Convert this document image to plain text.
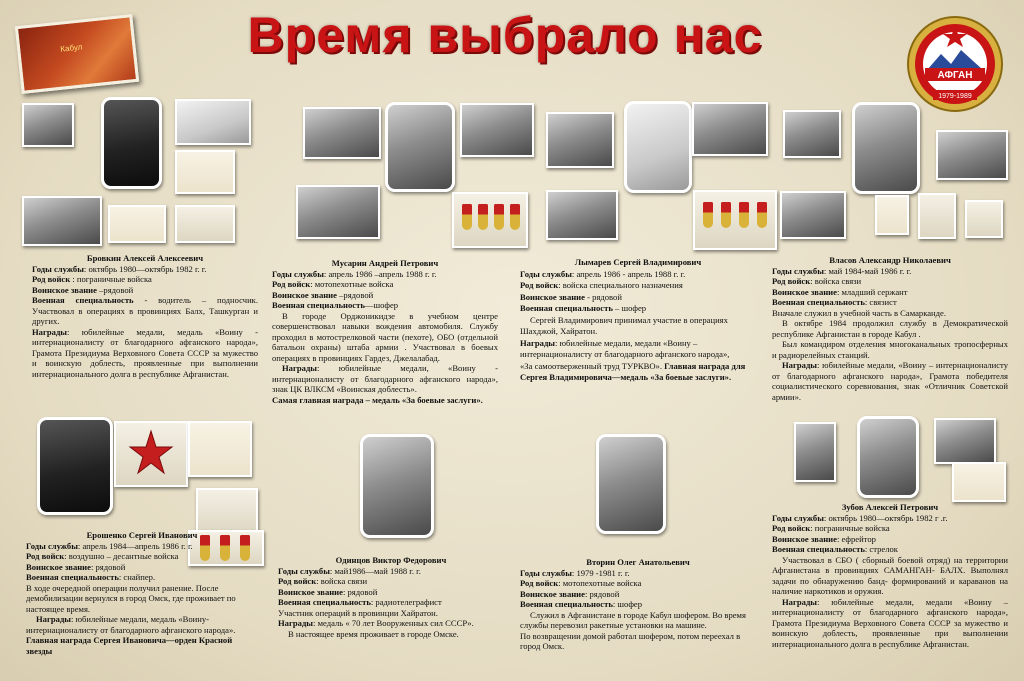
Кабул	Время выбрало нас
АФГАН
1979-1989

Бровкин Алексей Алексеевич

Годы службы: октябрь 1980—октябрь 1982 г. г.

Род войск : пограничные войска

Воинское звание –рядовой

Военная специальность - водитель – подносчик. Участвовал в операциях в провинциях Балх, Ташкурган и других.

Награды: юбилейные медали, медаль «Воину - интернационалисту от благодарного афганского народа», Грамота Президиума Верховного Совета СССР за мужество и воинскую доблесть, проявленные при выполнении интернационального долга в республике Афганистан.

Мусарин Андрей Петрович

Годы службы: апрель 1986 –апрель 1988 г. г.

Род войск: мотопехотные войска

Воинское звание –рядовой

Военная специальность—шофер

В городе Орджоникидзе в учебном центре совершенствовал навыки вождения автомобиля. Службу проходил в мотострелковой части (пехоте), ОБО (отдельной батальон охраны) штаба армии . Участвовал в боевых операциях в провинциях Гардез, Джелалабад.

Награды: юбилейные медали, «Воину - интернационалисту от благодарного афганского народа», знак ЦК ВЛКСМ «Воинская доблесть».

Самая главная награда – медаль «За боевые заслуги».

Лымарев Сергей Владимирович

Годы службы: апрель 1986 - апрель 1988 г. г.

Род войск: войска специального назначения

Воинское звание - рядовой

Военная специальность – шофер

Сергей Владимирович принимал участие в операциях Шахджой, Хайратон.

Награды: юбилейные медали, медали «Воину – интернационалисту от благодарного афганского народа»,

«За самоотверженный труд ТУРКВО». Главная награда для Сергея Владимировича—медаль «За боевые заслуги».

Власов Александр Николаевич

Годы службы: май 1984-май 1986 г. г.

Род войск: войска связи

Воинское звание: младший сержант

Военная специальность: связист

Вначале служил в учебной часть в Самарканде.

В октябре 1984 продолжил службу в Демократической республике Афганистан в городе Кабул .

Был командиром отделения многоканальных тропосферных и радиорелейных станций.

Награды: юбилейные медали, «Воину – интернационалисту от благодарного афганского народа», Грамота победителя социалистического соревнования, знак «Отличник Советской армии».

Ерошенко Сергей Иванович

Годы службы: апрель 1984—апрель 1986 г. г.

Род войск: воздушно – десантные войска

Воинское звание: рядовой

Военная специальность: снайпер.

В ходе очередной операции получил ранение. После демобилизации вернулся в город Омск, где проживает по настоящее время.

Награды: юбилейные медали, медаль «Воину-интернационалисту от благодарного афганского народа».

Главная награда Сергея Ивановича—орден Красной звезды

Одинцов Виктор Федорович

Годы службы: май1986—май 1988 г. г.

Род войск: войска связи

Воинское звание: рядовой

Военная специальность: радиотелеграфист

Участник операций в провинции Хайратон.

Награды: медаль « 70 лет Вооруженных сил СССР».

В настоящее время проживает в городе Омске.

Вторин Олег Анатольевич

Годы службы: 1979 -1981 г. г.

Род войск: мотопехотные войска

Воинское звание: рядовой

Военная специальность: шофер

Служил в Афганистане в городе Кабул шофером. Во время службы перевозил ракетные установки на машине.

По возвращении домой работал шофером, потом переехал в город Омск.

Зубов Алексей Петрович

Годы службы: октябрь 1980—октябрь 1982 г .г.

Род войск: пограничные войска

Воинское звание: ефрейтор

Военная специальность: стрелок

Участвовал в СБО ( сборный боевой отряд) на территории Афганистана в провинциях САМАНГАН- БАЛХ. Выполнял задачи по обнаружению банд- формирований и караванов на наличие наркотиков и оружия.

Награды: юбилейные медали, медали «Воину – интернационалисту от благодарного афганского народа», Грамота Президиума Верховного Совета СССР за мужество и воинскую доблесть, проявленные при выполнении интернационального долга в республике Афганистан.
